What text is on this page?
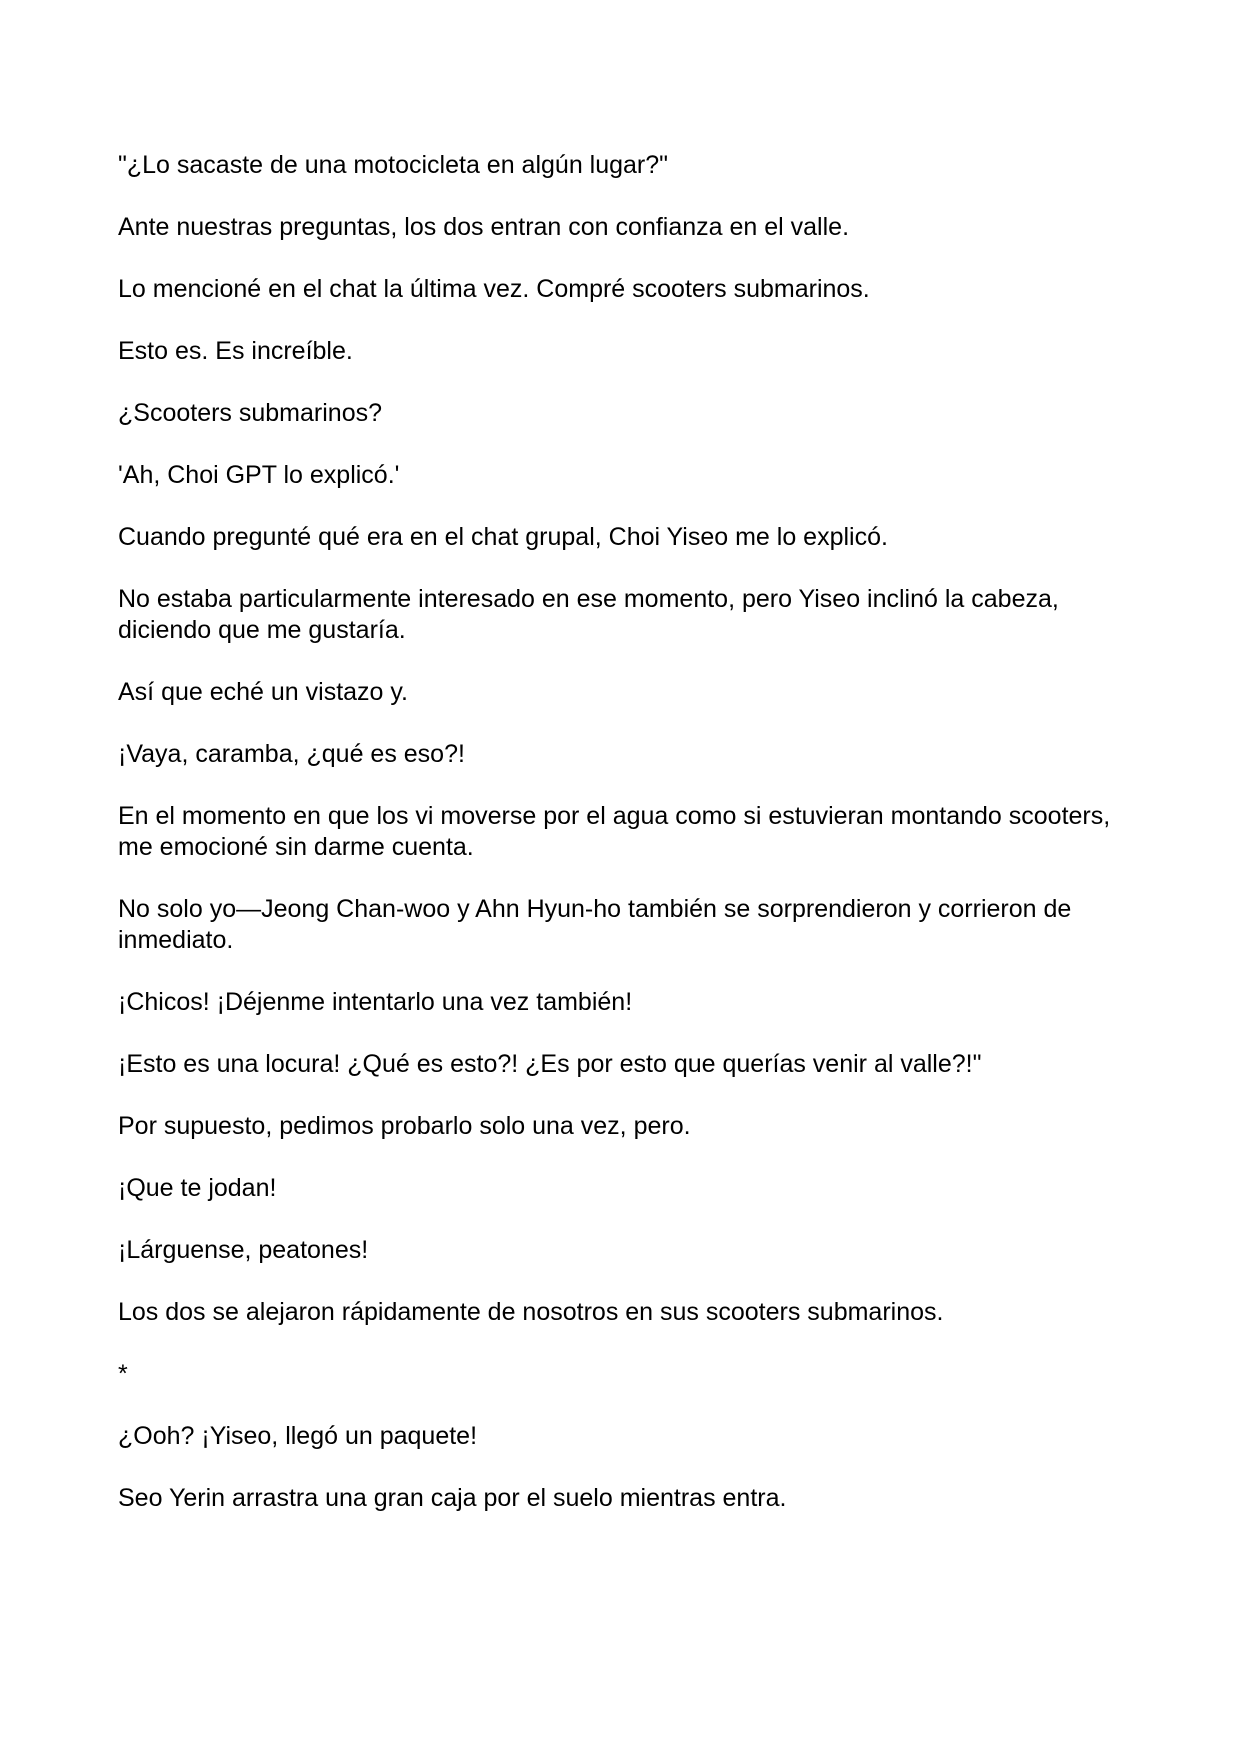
"¿Lo sacaste de una motocicleta en algún lugar?"

Ante nuestras preguntas, los dos entran con confianza en el valle.

Lo mencioné en el chat la última vez. Compré scooters submarinos.

Esto es. Es increíble.

¿Scooters submarinos?

'Ah, Choi GPT lo explicó.'

Cuando pregunté qué era en el chat grupal, Choi Yiseo me lo explicó.

No estaba particularmente interesado en ese momento, pero Yiseo inclinó la cabeza, diciendo que me gustaría.

Así que eché un vistazo y.

¡Vaya, caramba, ¿qué es eso?!

En el momento en que los vi moverse por el agua como si estuvieran montando scooters, me emocioné sin darme cuenta.

No solo yo—Jeong Chan-woo y Ahn Hyun-ho también se sorprendieron y corrieron de inmediato.

¡Chicos! ¡Déjenme intentarlo una vez también!

¡Esto es una locura! ¿Qué es esto?! ¿Es por esto que querías venir al valle?!"

Por supuesto, pedimos probarlo solo una vez, pero.

¡Que te jodan!

¡Lárguense, peatones!

Los dos se alejaron rápidamente de nosotros en sus scooters submarinos.

*

¿Ooh? ¡Yiseo, llegó un paquete!

Seo Yerin arrastra una gran caja por el suelo mientras entra.
